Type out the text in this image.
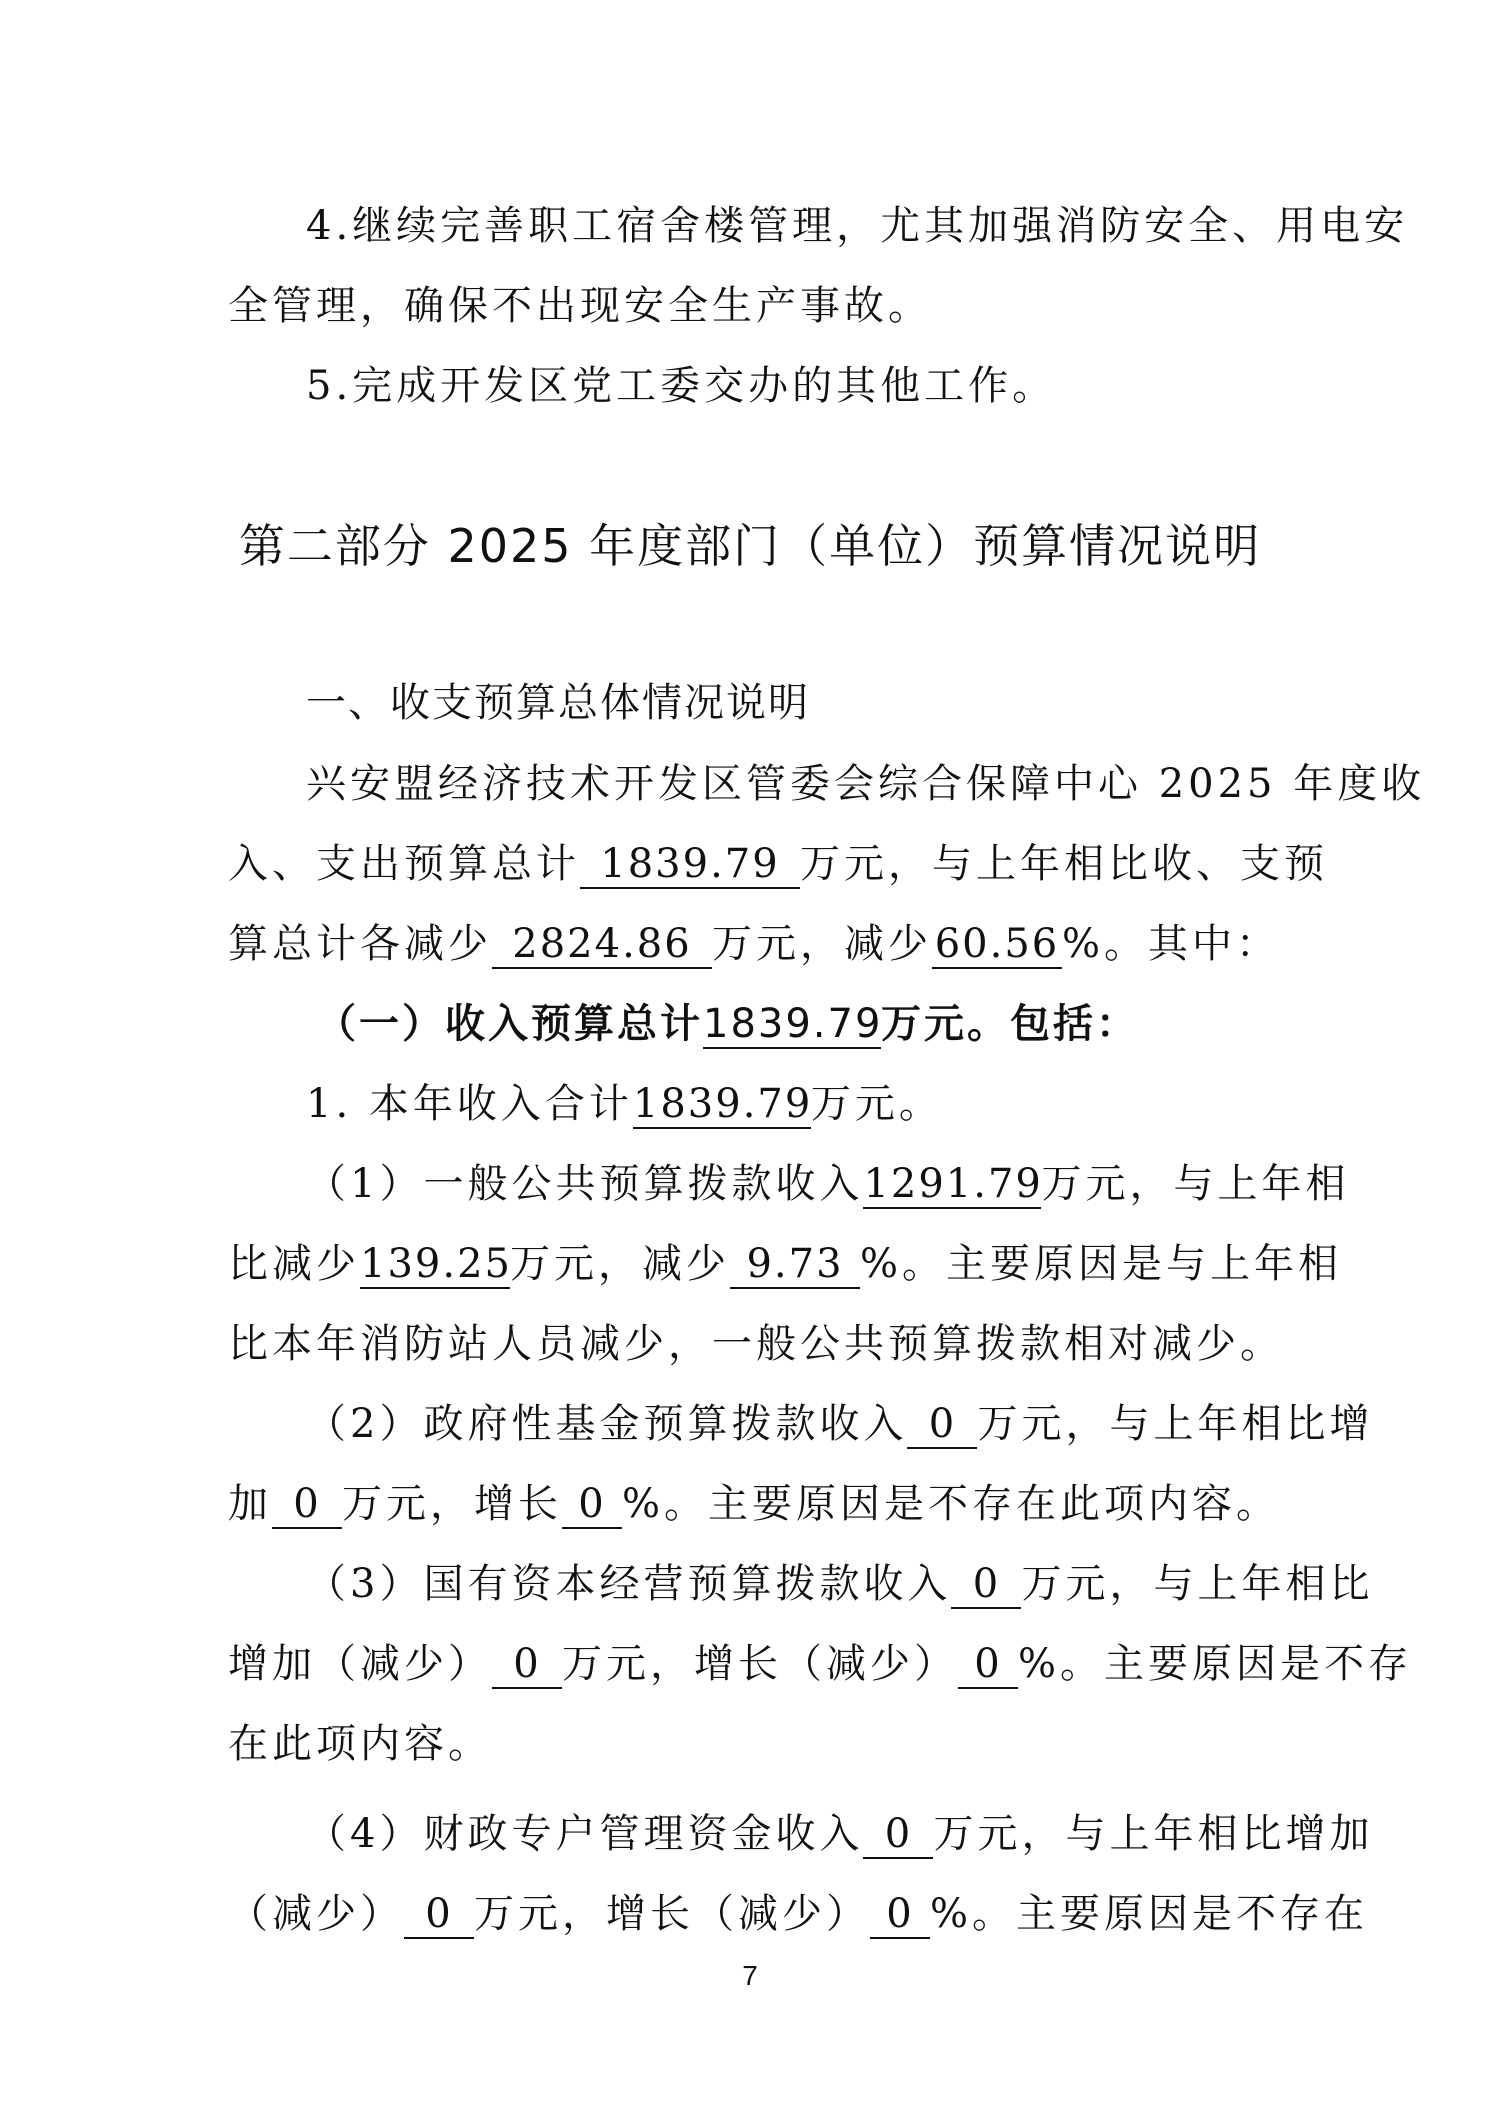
4.继续完善职工宿舍楼管理，尤其加强消防安全、用电安
全管理，确保不出现安全生产事故。
5.完成开发区党工委交办的其他工作。
第二部分 2025 年度部门（单位）预算情况说明
一、收支预算总体情况说明
兴安盟经济技术开发区管委会综合保障中心 2025 年度收
入、支出预算总计 1839.79 万元，与上年相比收、支预
算总计各减少 2824.86 万元，减少60.56%。其中：
（一）收入预算总计1839.79万元。包括：
1. 本年收入合计1839.79万元。
（1）一般公共预算拨款收入1291.79万元，与上年相
比减少139.25万元，减少 9.73 %。主要原因是与上年相
比本年消防站人员减少，一般公共预算拨款相对减少。
（2）政府性基金预算拨款收入 0 万元，与上年相比增
加 0 万元，增长 0 %。主要原因是不存在此项内容。
（3）国有资本经营预算拨款收入 0 万元，与上年相比
增加（减少） 0 万元，增长（减少） 0 %。主要原因是不存
在此项内容。
（4）财政专户管理资金收入 0 万元，与上年相比增加
（减少） 0 万元，增长（减少） 0 %。主要原因是不存在
7
